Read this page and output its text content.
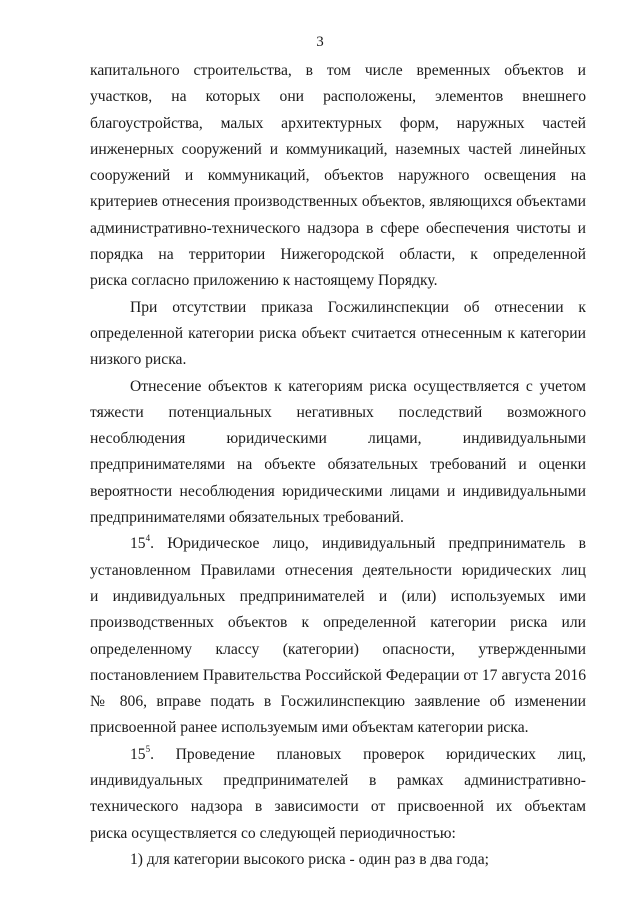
3
капитального строительства, в том числе временных объектов и
участков, на которых они расположены, элементов внешнего
благоустройства, малых архитектурных форм, наружных частей
инженерных сооружений и коммуникаций, наземных частей линейных
сооружений и коммуникаций, объектов наружного освещения на
критериев отнесения производственных объектов, являющихся объектами
административно-технического надзора в сфере обеспечения чистоты и
порядка на территории Нижегородской области, к определенной
риска согласно приложению к настоящему Порядку.
При отсутствии приказа Госжилинспекции об отнесении к
определенной категории риска объект считается отнесенным к категории
низкого риска.
Отнесение объектов к категориям риска осуществляется с учетом
тяжести потенциальных негативных последствий возможного
несоблюдения юридическими лицами, индивидуальными
предпринимателями на объекте обязательных требований и оценки
вероятности несоблюдения юридическими лицами и индивидуальными
предпринимателями обязательных требований.
$15^4$. Юридическое лицо, индивидуальный предприниматель в
установленном Правилами отнесения деятельности юридических лиц
и индивидуальных предпринимателей и (или) используемых ими
производственных объектов к определенной категории риска или
определенному классу (категории) опасности, утвержденными
постановлением Правительства Российской Федерации от 17 августа 2016
№ 806, вправе подать в Госжилинспекцию заявление об изменении
присвоенной ранее используемым ими объектам категории риска.
$15^5$. Проведение плановых проверок юридических лиц,
индивидуальных предпринимателей в рамках административно-
технического надзора в зависимости от присвоенной их объектам
риска осуществляется со следующей периодичностью:
1) для категории высокого риска - один раз в два года;
